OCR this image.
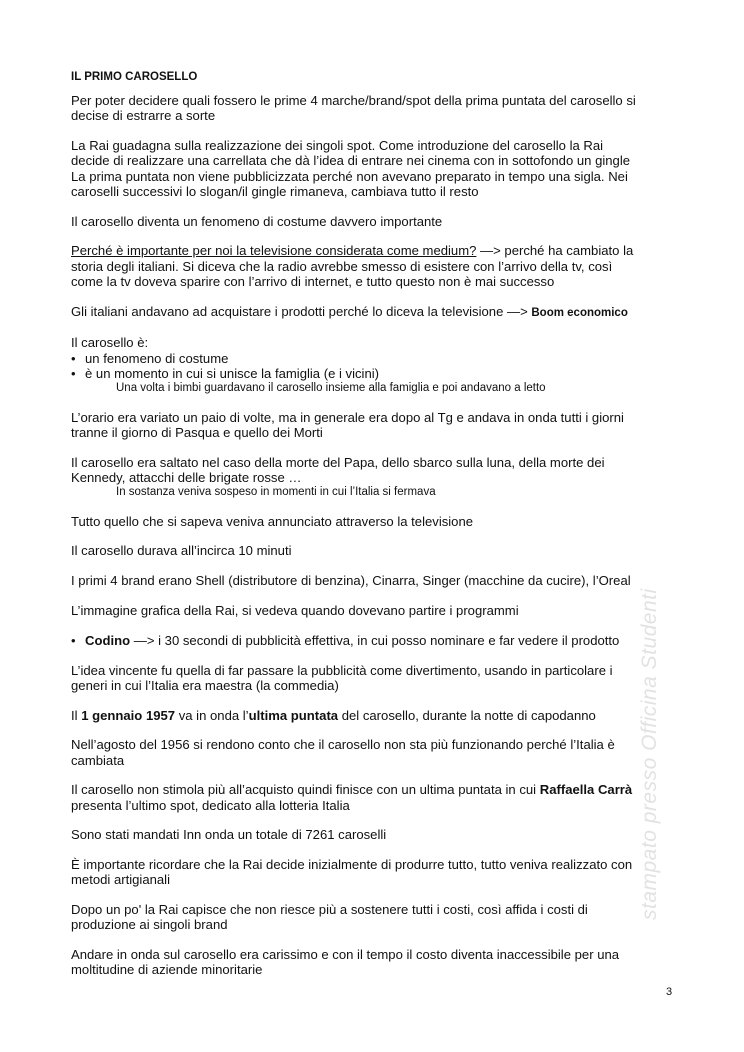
IL PRIMO CAROSELLO

Per poter decidere quali fossero le prime 4 marche/brand/spot della prima puntata del carosello si
decise di estrarre a sorte

La Rai guadagna sulla realizzazione dei singoli spot. Come introduzione del carosello la Rai
decide di realizzare una carrellata che dà l’idea di entrare nei cinema con in sottofondo un gingle
La prima puntata non viene pubblicizzata perché non avevano preparato in tempo una sigla. Nei
caroselli successivi lo slogan/il gingle rimaneva, cambiava tutto il resto

Il carosello diventa un fenomeno di costume davvero importante

Perché è importante per noi la televisione considerata come medium? —> perché ha cambiato la
storia degli italiani. Si diceva che la radio avrebbe smesso di esistere con l’arrivo della tv, così
come la tv doveva sparire con l’arrivo di internet, e tutto questo non è mai successo

Gli italiani andavano ad acquistare i prodotti perché lo diceva la televisione —> Boom economico

Il carosello è:
• un fenomeno di costume
• è un momento in cui si unisce la famiglia (e i vicini)
Una volta i bimbi guardavano il carosello insieme alla famiglia e poi andavano a letto

L’orario era variato un paio di volte, ma in generale era dopo al Tg e andava in onda tutti i giorni
tranne il giorno di Pasqua e quello dei Morti

Il carosello era saltato nel caso della morte del Papa, dello sbarco sulla luna, della morte dei
Kennedy, attacchi delle brigate rosse …
In sostanza veniva sospeso in momenti in cui l’Italia si fermava

Tutto quello che si sapeva veniva annunciato attraverso la televisione

Il carosello durava all’incirca 10 minuti

I primi 4 brand erano Shell (distributore di benzina), Cinarra, Singer (macchine da cucire), l’Oreal

L’immagine grafica della Rai, si vedeva quando dovevano partire i programmi

• Codino —> i 30 secondi di pubblicità effettiva, in cui posso nominare e far vedere il prodotto

L’idea vincente fu quella di far passare la pubblicità come divertimento, usando in particolare i
generi in cui l’Italia era maestra (la commedia)

Il 1 gennaio 1957 va in onda l’ultima puntata del carosello, durante la notte di capodanno

Nell’agosto del 1956 si rendono conto che il carosello non sta più funzionando perché l’Italia è
cambiata

Il carosello non stimola più all’acquisto quindi finisce con un ultima puntata in cui Raffaella Carrà
presenta l’ultimo spot, dedicato alla lotteria Italia

Sono stati mandati Inn onda un totale di 7261 caroselli

È importante ricordare che la Rai decide inizialmente di produrre tutto, tutto veniva realizzato con
metodi artigianali

Dopo un po' la Rai capisce che non riesce più a sostenere tutti i costi, così affida i costi di
produzione ai singoli brand

Andare in onda sul carosello era carissimo e con il tempo il costo diventa inaccessibile per una
moltitudine di aziende minoritarie

stampato presso Officina Studenti
3
